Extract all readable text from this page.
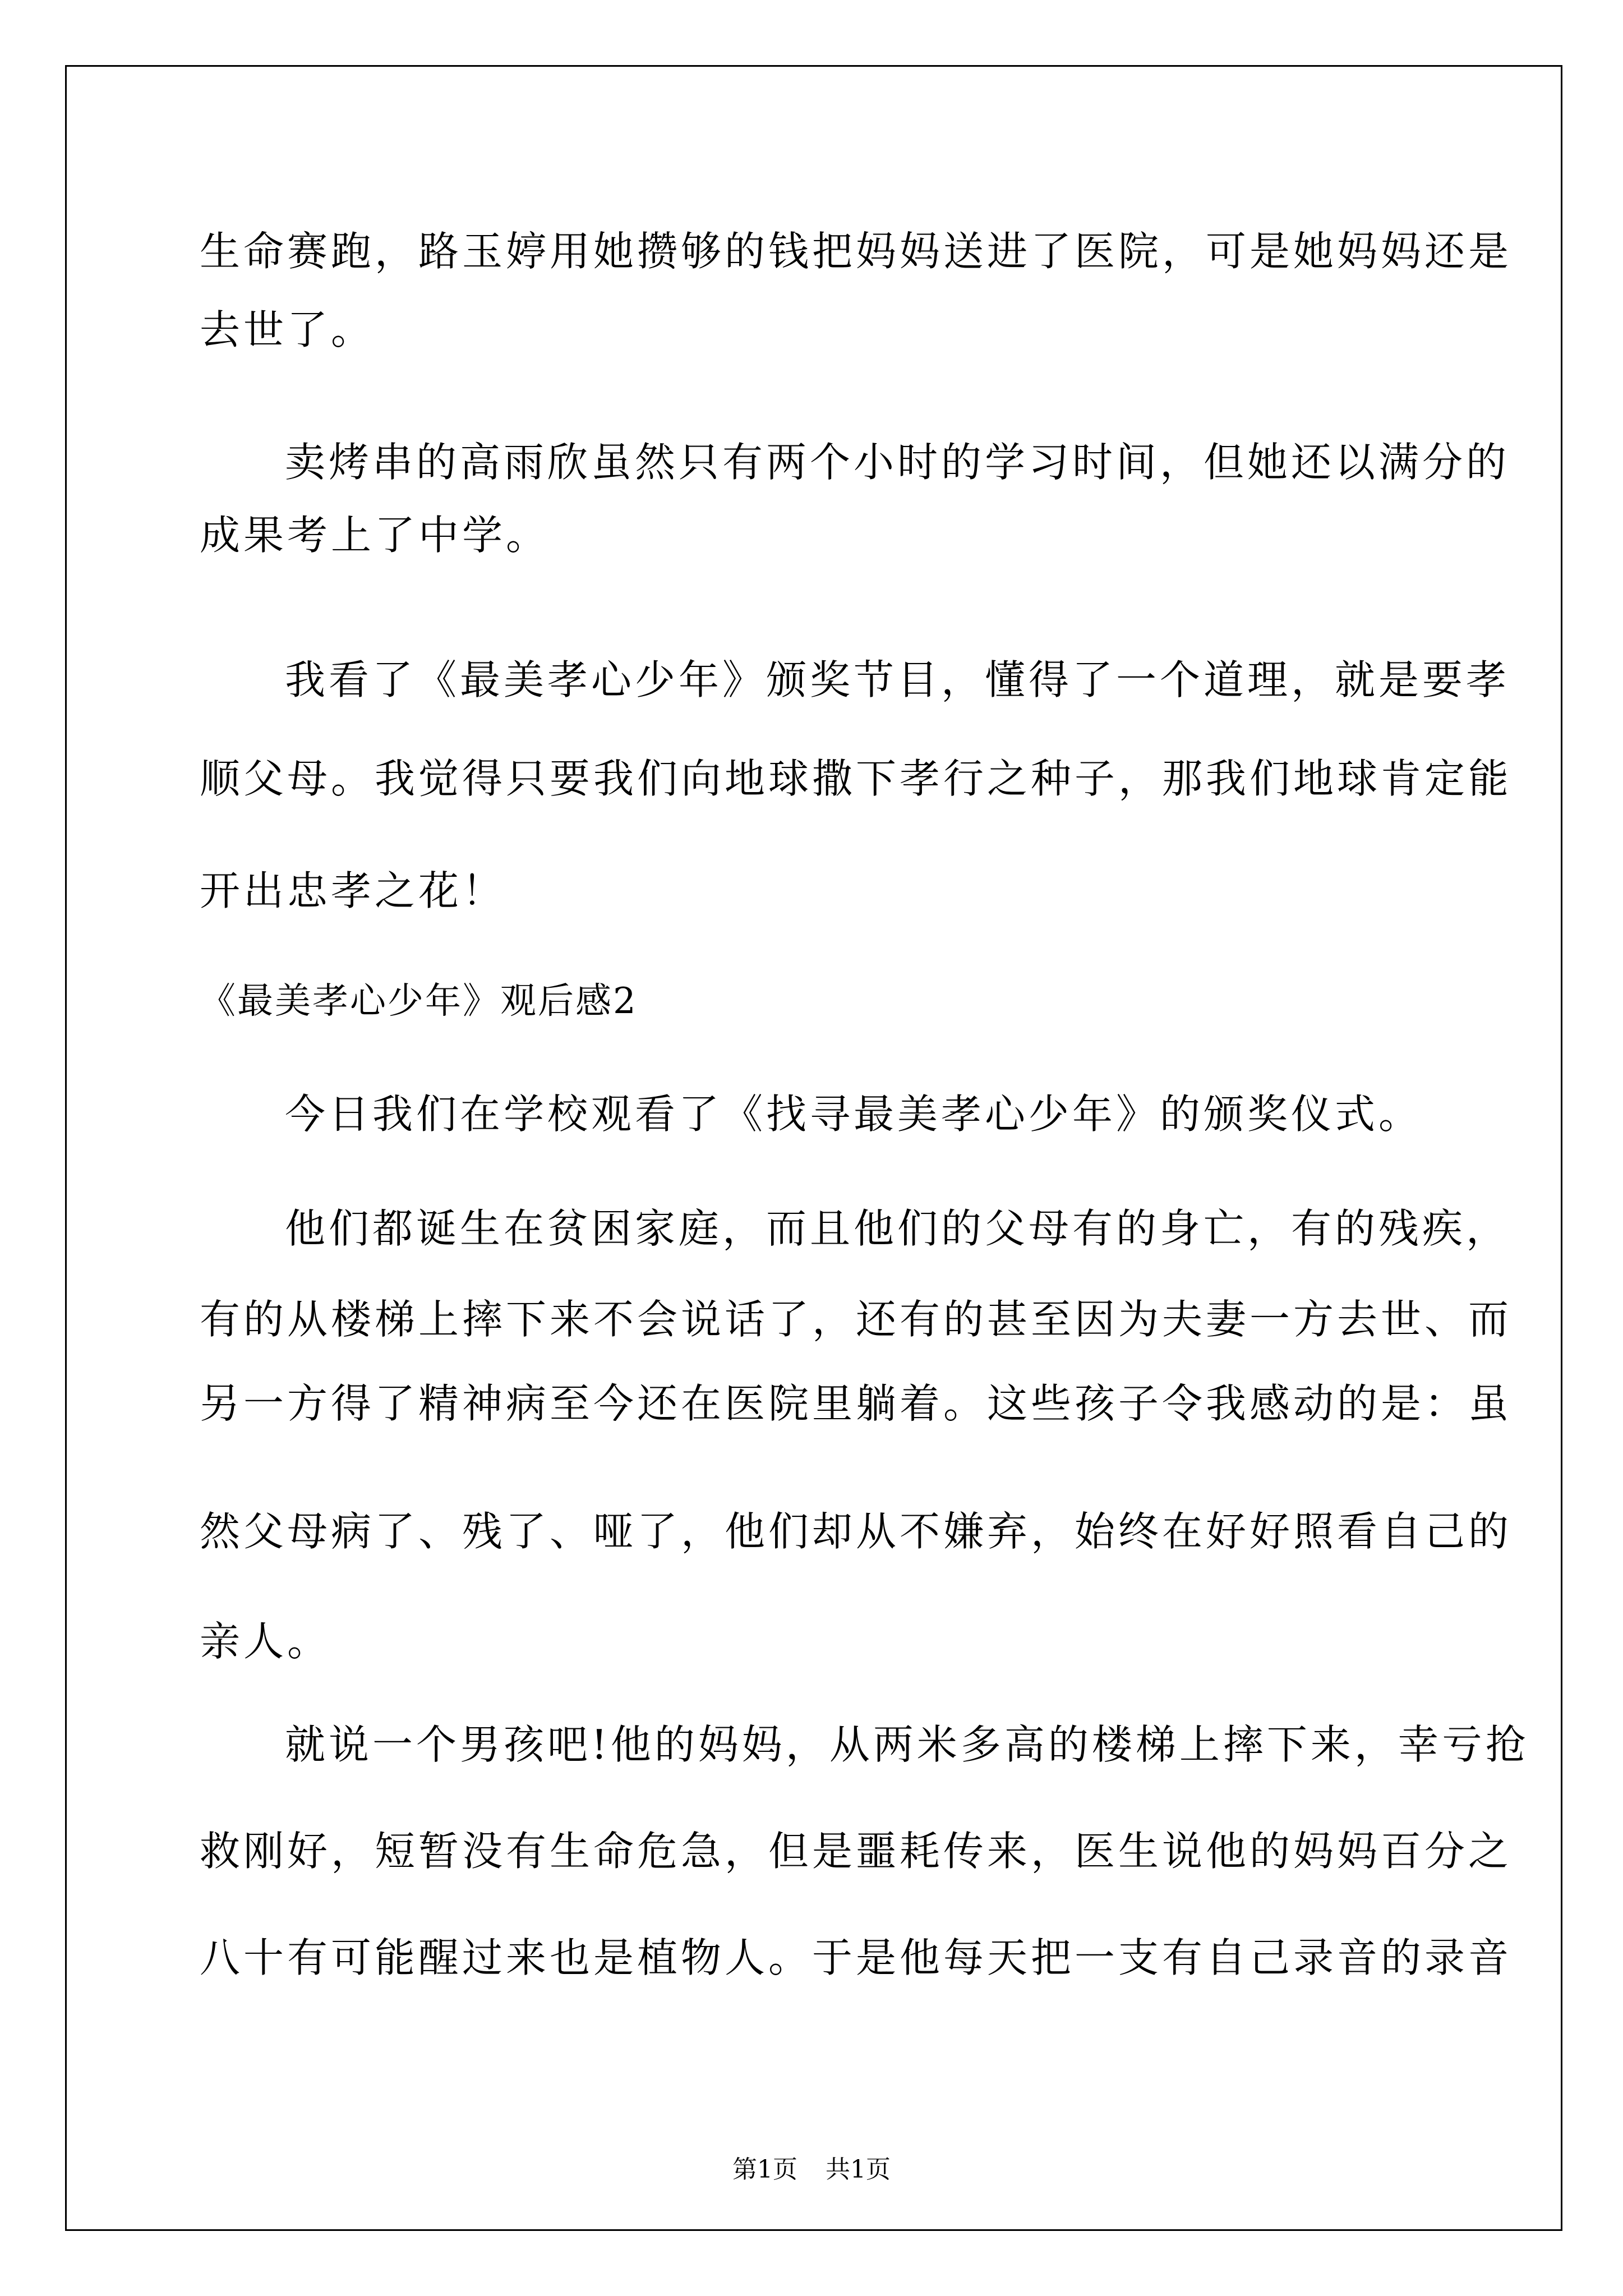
生命赛跑，路玉婷用她攒够的钱把妈妈送进了医院，可是她妈妈还是
去世了。
卖烤串的高雨欣虽然只有两个小时的学习时间，但她还以满分的
成果考上了中学。
我看了《最美孝心少年》颁奖节目，懂得了一个道理，就是要孝
顺父母。我觉得只要我们向地球撒下孝行之种子，那我们地球肯定能
开出忠孝之花！
《最美孝心少年》观后感2
今日我们在学校观看了《找寻最美孝心少年》的颁奖仪式。
他们都诞生在贫困家庭，而且他们的父母有的身亡，有的残疾，
有的从楼梯上摔下来不会说话了，还有的甚至因为夫妻一方去世、而
另一方得了精神病至今还在医院里躺着。这些孩子令我感动的是：虽
然父母病了、残了、哑了，他们却从不嫌弃，始终在好好照看自己的
亲人。
就说一个男孩吧!他的妈妈，从两米多高的楼梯上摔下来，幸亏抢
救刚好，短暂没有生命危急，但是噩耗传来，医生说他的妈妈百分之
八十有可能醒过来也是植物人。于是他每天把一支有自己录音的录音
第1页 共1页
